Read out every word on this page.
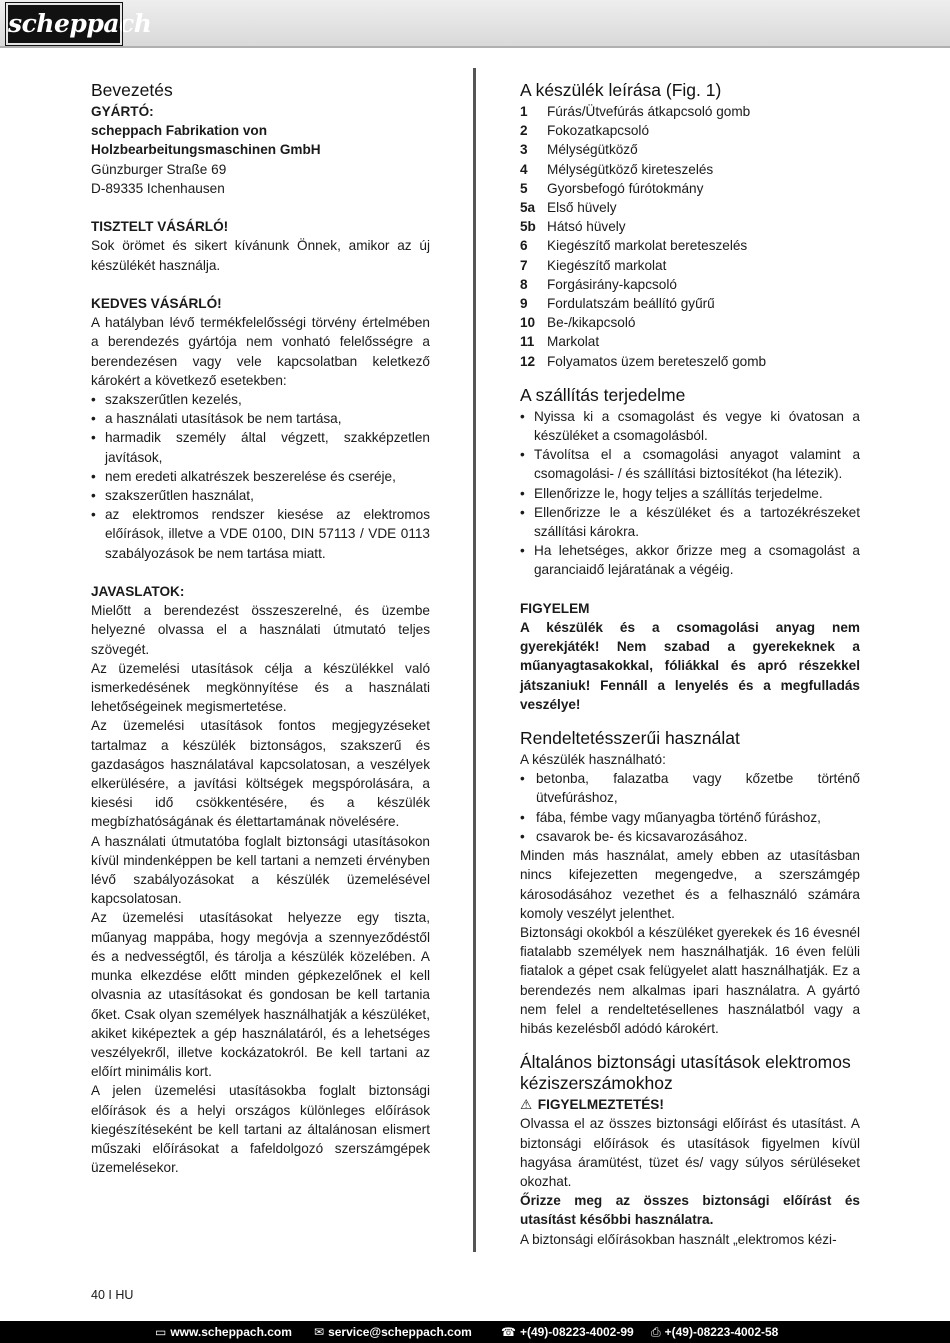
scheppach
Bevezetés
GYÁRTÓ:
scheppach Fabrikation von
Holzbearbeitungsmaschinen GmbH
Günzburger Straße 69
D-89335 Ichenhausen
TISZTELT VÁSÁRLÓ!
Sok örömet és sikert kívánunk Önnek, amikor az új készülékét használja.
KEDVES VÁSÁRLÓ!
A hatályban lévő termékfelelősségi törvény értelmében a berendezés gyártója nem vonható felelősségre a berendezésen vagy vele kapcsolatban keletkező károkért a következő esetekben:
• szakszerűtlen kezelés,
• a használati utasítások be nem tartása,
• harmadik személy által végzett, szakképzetlen javítások,
• nem eredeti alkatrészek beszerelése és cseréje,
• szakszerűtlen használat,
• az elektromos rendszer kiesése az elektromos előírások, illetve a VDE 0100, DIN 57113 / VDE 0113 szabályozások be nem tartása miatt.
JAVASLATOK:
Mielőtt a berendezést összeszerelné, és üzembe helyezné olvassa el a használati útmutató teljes szövegét.
Az üzemelési utasítások célja a készülékkel való ismerkedésének megkönnyítése és a használati lehetőségeinek megismertetése.
Az üzemelési utasítások fontos megjegyzéseket tartalmaz a készülék biztonságos, szakszerű és gazdaságos használatával kapcsolatosan, a veszélyek elkerülésére, a javítási költségek megspórolására, a kiesési idő csökkentésére, és a készülék megbízhatóságának és élettartamának növelésére.
A használati útmutatóba foglalt biztonsági utasításokon kívül mindenképpen be kell tartani a nemzeti érvényben lévő szabályozásokat a készülék üzemelésével kapcsolatosan.
Az üzemelési utasításokat helyezze egy tiszta, műanyag mappába, hogy megóvja a szennyeződéstől és a nedvességtől, és tárolja a készülék közelében. A munka elkezdése előtt minden gépkezelőnek el kell olvasnia az utasításokat és gondosan be kell tartania őket. Csak olyan személyek használhatják a készüléket, akiket kiképeztek a gép használatáról, és a lehetséges veszélyekről, illetve kockázatokról. Be kell tartani az előírt minimális kort.
A jelen üzemelési utasításokba foglalt biztonsági előírások és a helyi országos különleges előírások kiegészítéseként be kell tartani az általánosan elismert műszaki előírásokat a fafeldolgozó szerszámgépek üzemelésekor.
A készülék leírása (Fig. 1)
1	Fúrás/Ütvefúrás átkapcsoló gomb
2	Fokozatkapcsoló
3	Mélységütköző
4	Mélységütköző kireteszelés
5	Gyorsbefogó fúrótokmány
5a Első hüvely
5b Hátsó hüvely
6	Kiegészítő markolat bereteszelés
7	Kiegészítő markolat
8	Forgásirány-kapcsoló
9	Fordulatszám beállító gyűrű
10 Be-/kikapcsoló
11 Markolat
12 Folyamatos üzem bereteszelő gomb
A szállítás terjedelme
• Nyissa ki a csomagolást és vegye ki óvatosan a készüléket a csomagolásból.
• Távolítsa el a csomagolási anyagot valamint a csomagolási- / és szállítási biztosítékot (ha létezik).
• Ellenőrizze le, hogy teljes a szállítás terjedelme.
• Ellenőrizze le a készüléket és a tartozékrészeket szállítási károkra.
• Ha lehetséges, akkor őrizze meg a csomagolást a garanciaidő lejáratának a végéig.
FIGYELEM
A készülék és a csomagolási anyag nem gyerekjáték! Nem szabad a gyerekeknek a műanyagtasakokkal, fóliákkal és apró részekkel játszaniuk! Fennáll a lenyelés és a megfulladás veszélye!
Rendeltetésszerűi használat
A készülék használható:
• betonba, falazatba vagy kőzetbe történő ütvefúráshoz,
• fába, fémbe vagy műanyagba történő fúráshoz,
• csavarok be- és kicsavarozásához.
Minden más használat, amely ebben az utasításban nincs kifejezetten megengedve, a szerszámgép károsodásához vezethet és a felhasználó számára komoly veszélyt jelenthet.
Biztonsági okokból a készüléket gyerekek és 16 évesnél fiatalabb személyek nem használhatják. 16 éven felüli fiatalok a gépet csak felügyelet alatt használhatják. Ez a berendezés nem alkalmas ipari használatra. A gyártó nem felel a rendeltetésellenes használatból vagy a hibás kezelésből adódó károkért.
Általános biztonsági utasítások elektromos kéziszerszámokhoz
⚠ FIGYELMEZTETÉS!
Olvassa el az összes biztonsági előírást és utasítást. A biztonsági előírások és utasítások figyelmen kívül hagyása áramütést, tüzet és/ vagy súlyos sérüléseket okozhat.
Őrizze meg az összes biztonsági előírást és utasítást későbbi használatra.
A biztonsági előírásokban használt „elektromos kézi-
40 I HU
▭ www.scheppach.com ✉ service@scheppach.com ☎ +(49)-08223-4002-99 ⎙ +(49)-08223-4002-58
